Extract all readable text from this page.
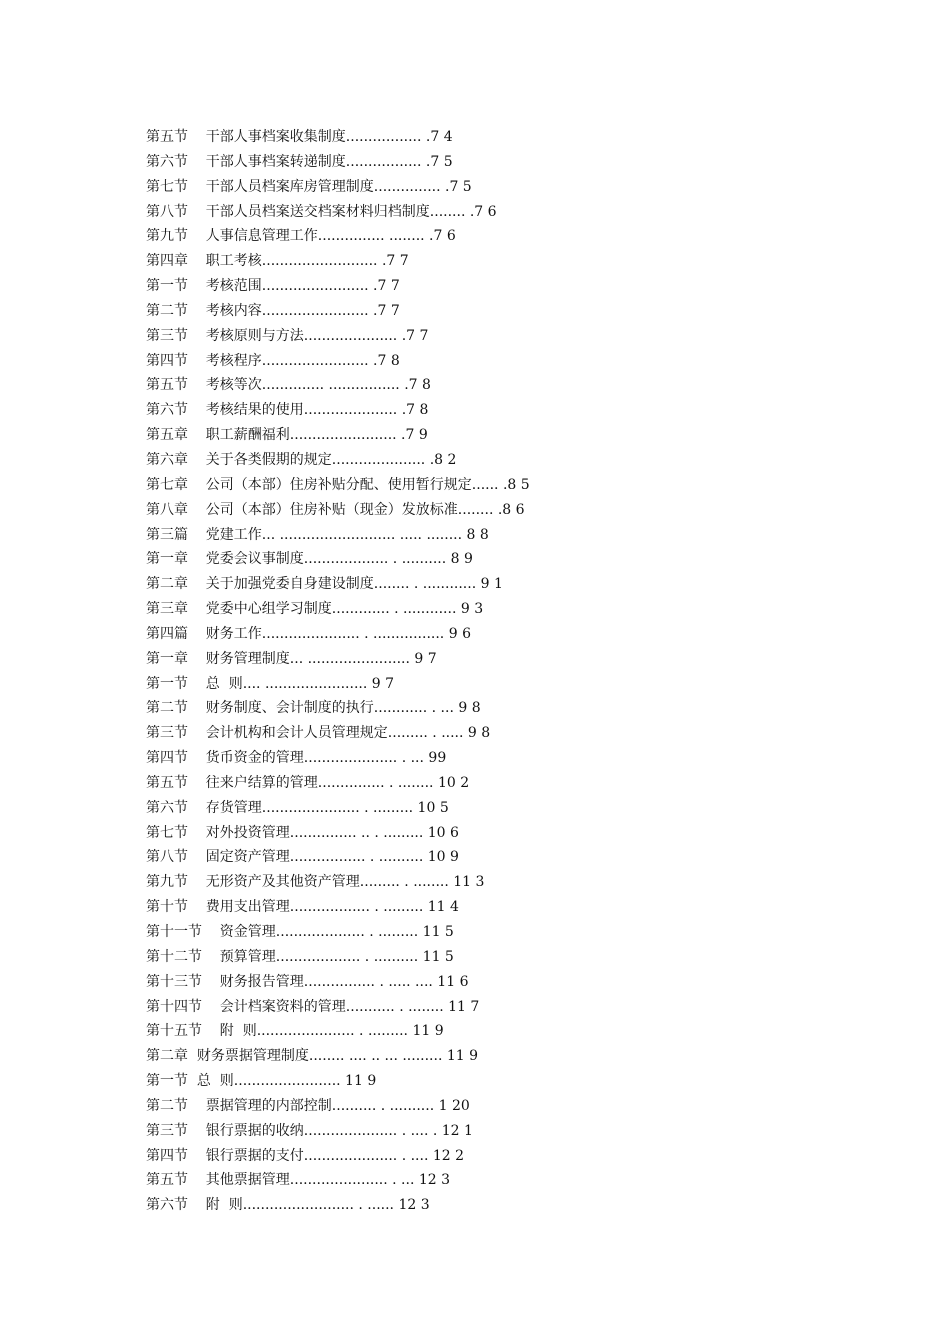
第五节    干部人事档案收集制度................. .7 4
第六节    干部人事档案转递制度................. .7 5
第七节    干部人员档案库房管理制度............... .7 5
第八节    干部人员档案送交档案材料归档制度........ .7 6
第九节    人事信息管理工作............... ........ .7 6
第四章    职工考核.......................... .7 7
第一节    考核范围........................ .7 7
第二节    考核内容........................ .7 7
第三节    考核原则与方法..................... .7 7
第四节    考核程序........................ .7 8
第五节    考核等次.............. ................ .7 8
第六节    考核结果的使用..................... .7 8
第五章    职工薪酬福利........................ .7 9
第六章    关于各类假期的规定..................... .8 2
第七章    公司（本部）住房补贴分配、使用暂行规定...... .8 5
第八章    公司（本部）住房补贴（现金）发放标准........ .8 6
第三篇    党建工作... .......................... ..... ........ 8 8
第一章    党委会议事制度................... . .......... 8 9
第二章    关于加强党委自身建设制度........ . ............ 9 1
第三章    党委中心组学习制度............. . ............ 9 3
第四篇    财务工作...................... . ................ 9 6
第一章    财务管理制度... ....................... 9 7
第一节    总  则.... ....................... 9 7
第二节    财务制度、会计制度的执行............ . ... 9 8
第三节    会计机构和会计人员管理规定......... . ..... 9 8
第四节    货币资金的管理..................... . ... 99
第五节    往来户结算的管理............... . ........ 10 2
第六节    存货管理...................... . ......... 10 5
第七节    对外投资管理............... .. . ......... 10 6
第八节    固定资产管理................. . .......... 10 9
第九节    无形资产及其他资产管理......... . ........ 11 3
第十节    费用支出管理.................. . ......... 11 4
第十一节    资金管理.................... . ......... 11 5
第十二节    预算管理................... . .......... 11 5
第十三节    财务报告管理................ . ..... .... 11 6
第十四节    会计档案资料的管理........... . ........ 11 7
第十五节    附  则...................... . ......... 11 9
第二章  财务票据管理制度........ .... .. ... ......... 11 9
第一节  总  则........................ 11 9
第二节    票据管理的内部控制.......... . .......... 1 20
第三节    银行票据的收纳..................... . .... . 12 1
第四节    银行票据的支付..................... . .... 12 2
第五节    其他票据管理...................... . ... 12 3
第六节    附  则......................... . ...... 12 3
